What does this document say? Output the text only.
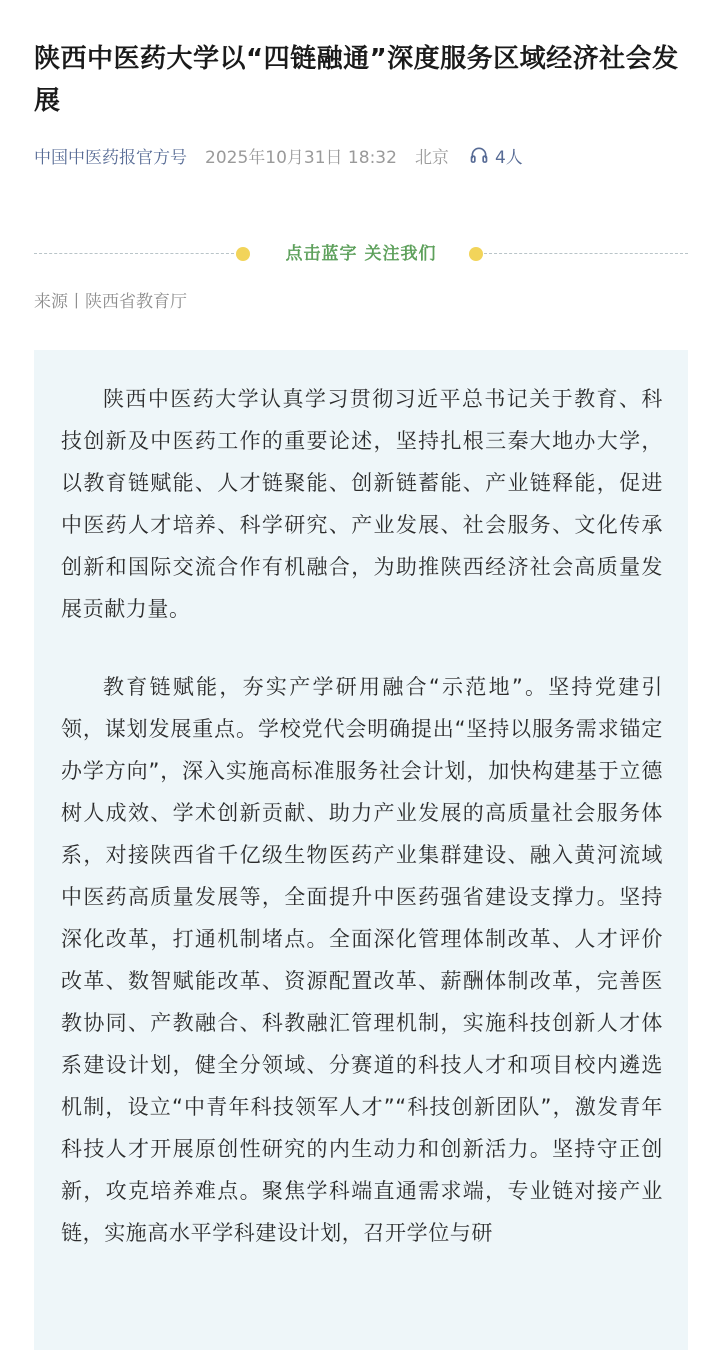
陕西中医药大学以“四链融通”深度服务区域经济社会发展
中国中医药报官方号 2025年10月31日 18:32 北京	4人
点击蓝字 关注我们
来源丨陕西省教育厅

陕西中医药大学认真学习贯彻习近平总书记关于教育、科技创新及中医药工作的重要论述，坚持扎根三秦大地办大学，以教育链赋能、人才链聚能、创新链蓄能、产业链释能，促进中医药人才培养、科学研究、产业发展、社会服务、文化传承创新和国际交流合作有机融合，为助推陕西经济社会高质量发展贡献力量。

教育链赋能，夯实产学研用融合“示范地”。坚持党建引领，谋划发展重点。学校党代会明确提出“坚持以服务需求锚定办学方向”，深入实施高标准服务社会计划，加快构建基于立德树人成效、学术创新贡献、助力产业发展的高质量社会服务体系，对接陕西省千亿级生物医药产业集群建设、融入黄河流域中医药高质量发展等，全面提升中医药强省建设支撑力。坚持深化改革，打通机制堵点。全面深化管理体制改革、人才评价改革、数智赋能改革、资源配置改革、薪酬体制改革，完善医教协同、产教融合、科教融汇管理机制，实施科技创新人才体系建设计划，健全分领域、分赛道的科技人才和项目校内遴选机制，设立“中青年科技领军人才”“科技创新团队”，激发青年科技人才开展原创性研究的内生动力和创新活力。坚持守正创新，攻克培养难点。聚焦学科端直通需求端，专业链对接产业链，实施高水平学科建设计划，召开学位与研
